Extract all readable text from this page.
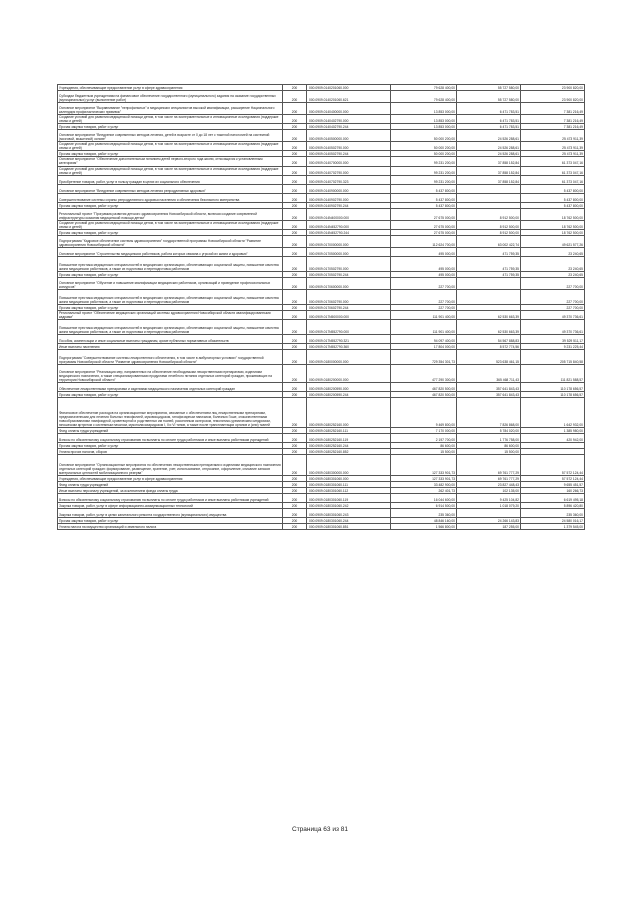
Учреждения, обеспечивающие предоставление услуг в сфере здравоохранения	200	000.0909.0140201060.000	79 628 400,00	55 727 580,00	23 900 820,00
Субсидии бюджетным учреждениям на финансовое обеспечение государственного (муниципального) задания на оказание государственных (муниципальных) услуг (выполнение работ)	200	000.0909.0140201060.621	79 628 400,00	55 727 580,00	23 900 820,00
Основное мероприятие "Выравнивание "непрофильных" и медицинских специалистов высокой квалификации, расширение Национального календаря профилактических прививок"	200	000.0909.0140400000.000	13 853 000,00	6 471 783,51	7 381 216,49
Создание условий для развития медицинской помощи детям, в том числе на экспериментальные и инновационные исследования (поддержке семьи и детей)	200	000.0909.0140402790.000	13 853 000,00	6 471 783,51	7 381 216,49
Прочая закупка товаров, работ и услуг	200	000.0909.0140402790.244	13 853 000,00	6 471 783,51	7 381 216,49
Основное мероприятие "Внедрение современных методов лечения, детей в возрасте от 0 до 18 лет с тяжелой патологией на системной (мозговой, мышечной) основе"	200	000.0909.0140500000.000	50 000 200,00	24 526 288,61	25 473 911,39
Создание условий для развития медицинской помощи детям, в том числе на экспериментальные и инновационные исследования (поддержке семьи и детей)	200	000.0909.0140502790.000	50 000 200,00	24 526 288,61	25 473 911,39
Прочая закупка товаров, работ и услуг	200	000.0909.0140502790.244	50 000 200,00	24 526 288,61	25 473 911,39
Основное мероприятие "Обеспечение дополнительным питанием детей первого-второго года жизни, относящихся к установленным категориям"	200	000.0909.0140700000.000	99 231 200,00	37 858 152,84	61 373 047,16
Создание условий для развития медицинской помощи детям, в том числе на экспериментальные и инновационные исследования (поддержке семьи и детей)	200	000.0909.0140702790.000	99 231 200,00	37 858 152,84	61 373 047,16
Приобретение товаров, работ, услуг в пользу граждан в целях их социального обеспечения	200	000.0909.0140702790.323	99 231 200,00	37 858 152,84	61 373 047,16
Основное мероприятие "Внедрение современных методов лечения репродуктивных здоровью"	200	000.0909.0140900000.000	5 437 800,00		5 437 800,00
Совершенствование системы охраны репродуктивного здоровья населения и обеспечения безопасного материнства	200	000.0909.0140902790.000	5 437 800,00		5 437 800,00
Прочая закупка товаров, работ и услуг	200	000.0909.0140902790.244	5 437 800,00		5 437 800,00
Региональный проект "Программа развития детского здравоохранения Новосибирской области, включая создание современной инфраструктуры оказания медицинской помощи детям"	200	000.0909.014N400000.000	27 675 000,00	8 912 500,00	18 762 500,00
Создание условий для развития медицинской помощи детям, в том числе на экспериментальные и инновационные исследования (поддержке семьи и детей)	200	000.0909.014N452790.000	27 675 000,00	8 912 500,00	18 762 500,00
Прочая закупка товаров, работ и услуг	200	000.0909.014N452790.244	27 675 000,00	8 912 500,00	18 762 500,00
Подпрограмма "Кадровое обеспечение системы здравоохранения" государственной программы Новосибирской области "Развитие здравоохранения Новосибирской области"	200	000.0909.0170000000.000	112 624 700,00	63 002 422,74	49 621 577,26
Основное мероприятие "Строительство медицинских работников, работа которых связана с угрозой их жизни и здоровью"	200	000.0909.0170500000.000	495 000,00	471 759,35	23 240,65
Повышение престижа медицинских специальностей в медицинских организациях, обеспечивающих социальной защиты, повышение качества жизни медицинских работников, а также их подготовка и переподготовка работников	200	000.0909.0170502790.000	495 000,00	471 759,35	23 240,65
Прочая закупка товаров, работ и услуг	200	000.0909.0170502790.244	495 000,00	471 759,35	23 240,65
Основное мероприятие "Обучение и повышение квалификации медицинских работников, организаций и проведение профессиональных конкурсов"	200	000.0909.0170600000.000	227 700,00		227 700,00
Повышение престижа медицинских специальностей в медицинских организациях, обеспечивающих социальной защиты, повышение качества жизни медицинских работников, а также их подготовка и переподготовка работников	200	000.0909.0170602790.000	227 700,00		227 700,00
Прочая закупка товаров, работ и услуг	200	000.0909.0170602790.244	227 700,00		227 700,00
Региональный проект "Обеспечение медицинских организаций системы здравоохранения Новосибирской области квалифицированными кадрами"	200	000.0909.017N500000.000	111 901 400,00	62 530 663,39	49 370 736,61
Повышение престижа медицинских специальностей в медицинских организациях, обеспечивающих социальной защиты, повышение качества жизни медицинских работников, а также их подготовка и переподготовка работников	200	000.0909.017N552790.000	111 901 400,00	62 530 663,39	49 370 736,61
Пособия, компенсации и иные социальные выплаты гражданам, кроме публичных нормативных обязательств	200	000.0909.017N552790.321	94 097 400,00	54 567 888,83	39 529 511,17
Иные выплаты населению	200	000.0909.017N552790.360	17 804 000,00	8 572 774,56	9 231 225,44
Подпрограмма "Совершенствование системы лекарственного обеспечения, в том числе в амбулаторных условиях" государственной программы Новосибирской области "Развитие здравоохранения Новосибирской области"	200	000.0909.0180000000.000	729 354 301,73	523 638 461,15	205 715 840,58
Основное мероприятие "Реализация мер, направленных на обеспечение необходимыми лекарственными препаратами, изделиями медицинского назначения, а также специализированными продуктами лечебного питания отдельных категорий граждан, проживающих на территории Новосибирской области"	200	000.0909.0180200000.000	477 290 300,00	365 468 711,43	111 821 588,57
Обеспечение лекарственными препаратами и изделиями медицинского назначения отдельных категорий граждан	200	000.0909.0180200590.000	467 820 500,00	357 641 843,43	110 178 656,57
Прочая закупка товаров, работ и услуг	200	000.0909.0180200590.244	467 820 500,00	357 641 843,43	110 178 656,57
Финансовое обеспечение расходов на организационные мероприятия, связанные с обеспечением лиц лекарственными препаратами, предназначенными для лечения больных гемофилией, муковисцидозом, гипофизарным нанизмом, болезнью Гоше, злокачественными новообразованиями лимфоидной, кроветворной и родственных им тканей, рассеянным склерозом, гемолитико-уремическим синдромом, юношеским артритом с системным началом, мукополисахаридозом I, II и VI типов, а также после трансплантации органов и (или) тканей	200	000.0909.0180252160.000	9 469 800,00	7 826 868,00	1 642 932,00
Фонд оплаты труда учреждений	200	000.0909.0180252160.111	7 170 000,00	5 784 020,00	1 385 980,00
Взносы по обязательному социальному страхованию на выплаты по оплате труда работников и иные выплаты работникам учреждений	200	000.0909.0180252160.119	2 197 700,00	1 776 758,00	420 942,00
Прочая закупка товаров, работ и услуг	200	000.0909.0180252160.244	86 600,00	86 600,00	
Уплата прочих налогов, сборов	200	000.0909.0180252160.852	15 500,00	15 500,00	
Основное мероприятие "Организационные мероприятия по обеспечению лекарственными препаратами и изделиями медицинского назначения отдельных категорий граждан: формирование, размещение, хранение, учет, использование, отпускание, оформление, списание запасов материальных ценностей мобилизационного резерва"	200	000.0909.0180300000.000	127 333 901,73	69 761 777,29	57 572 124,44
Учреждения, обеспечивающие предоставление услуг в сфере здравоохранения	200	000.0909.0180301060.000	127 333 901,73	69 761 777,29	57 572 124,44
Фонд оплаты труда учреждений	200	000.0909.0180301060.111	33 482 900,00	23 827 448,43	9 655 451,57
Иные выплаты персоналу учреждений, за исключением фонда оплаты труда	200	000.0909.0180301060.112	262 401,73	102 135,00	160 266,73
Взносы по обязательному социальному страхованию на выплаты по оплате труда работников и иные выплаты работникам учреждений	200	000.0909.0180301060.119	16 044 600,00	9 425 104,82	6 619 495,18
Закупка товаров, работ, услуг в сфере информационно-коммуникационных технологий	200	000.0909.0180301060.242	6 914 500,00	1 018 079,20	5 896 420,80
Закупка товаров, работ, услуг в целях капитального ремонта государственного (муниципального) имущества	200	000.0909.0180301060.243	235 360,00		235 360,00
Прочая закупка товаров, работ и услуг	200	000.0909.0180301060.244	48 846 160,00	24 266 143,83	24 580 016,17
Уплата налога на имущество организаций и земельного налога	200	000.0909.0180301060.851	1 566 800,00	187 255,00	1 379 545,00
Страница 63 из 81
